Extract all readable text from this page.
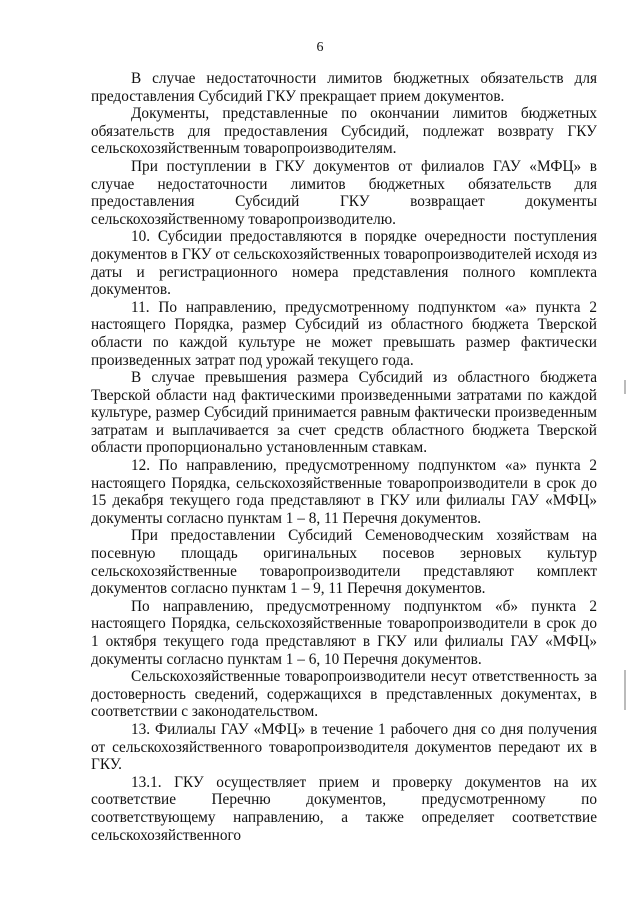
6

В случае недостаточности лимитов бюджетных обязательств для предоставления Субсидий ГКУ прекращает прием документов.

Документы, представленные по окончании лимитов бюджетных обязательств для предоставления Субсидий, подлежат возврату ГКУ сельскохозяйственным товаропроизводителям.

При поступлении в ГКУ документов от филиалов ГАУ «МФЦ» в случае недостаточности лимитов бюджетных обязательств для предоставления Субсидий ГКУ возвращает документы сельскохозяйственному товаропроизводителю.

10. Субсидии предоставляются в порядке очередности поступления документов в ГКУ от сельскохозяйственных товаропроизводителей исходя из даты и регистрационного номера представления полного комплекта документов.

11. По направлению, предусмотренному подпунктом «а» пункта 2 настоящего Порядка, размер Субсидий из областного бюджета Тверской области по каждой культуре не может превышать размер фактически произведенных затрат под урожай текущего года.

В случае превышения размера Субсидий из областного бюджета Тверской области над фактическими произведенными затратами по каждой культуре, размер Субсидий принимается равным фактически произведенным затратам и выплачивается за счет средств областного бюджета Тверской области пропорционально установленным ставкам.

12. По направлению, предусмотренному подпунктом «а» пункта 2 настоящего Порядка, сельскохозяйственные товаропроизводители в срок до 15 декабря текущего года представляют в ГКУ или филиалы ГАУ «МФЦ» документы согласно пунктам 1 – 8, 11 Перечня документов.

При предоставлении Субсидий Семеноводческим хозяйствам на посевную площадь оригинальных посевов зерновых культур сельскохозяйственные товаропроизводители представляют комплект документов согласно пунктам 1 – 9, 11 Перечня документов.

По направлению, предусмотренному подпунктом «б» пункта 2 настоящего Порядка, сельскохозяйственные товаропроизводители в срок до 1 октября текущего года представляют в ГКУ или филиалы ГАУ «МФЦ» документы согласно пунктам 1 – 6, 10 Перечня документов.

Сельскохозяйственные товаропроизводители несут ответственность за достоверность сведений, содержащихся в представленных документах, в соответствии с законодательством.

13. Филиалы ГАУ «МФЦ» в течение 1 рабочего дня со дня получения от сельскохозяйственного товаропроизводителя документов передают их в ГКУ.

13.1. ГКУ осуществляет прием и проверку документов на их соответствие Перечню документов, предусмотренному по соответствующему направлению, а также определяет соответствие сельскохозяйственного
